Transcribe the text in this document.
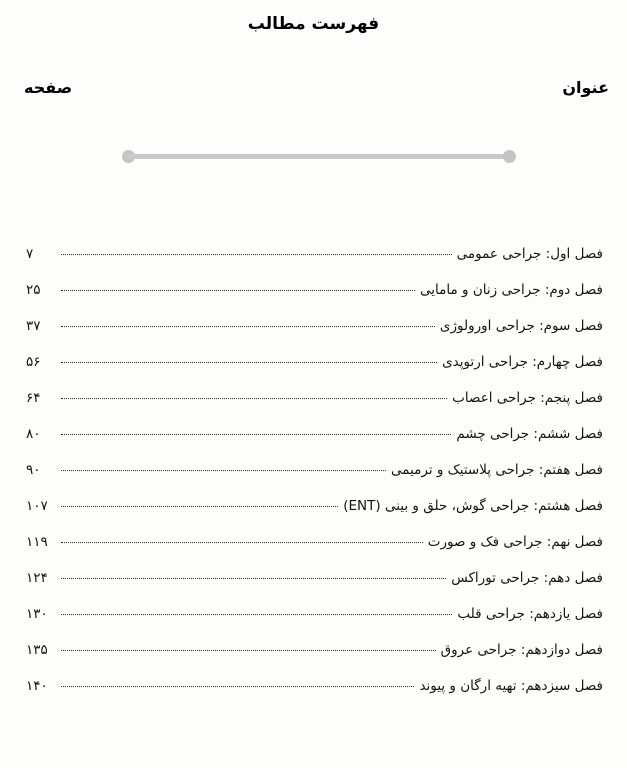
فهرست مطالب
عنوان
صفحه
فصل اول: جراحی عمومی
۷
فصل دوم: جراحی زنان و مامایی
۲۵
فصل سوم: جراحی اورولوژی
۳۷
فصل چهارم: جراحی ارتوپدی
۵۶
فصل پنجم: جراحی اعصاب
۶۴
فصل ششم: جراحی چشم
۸۰
فصل هفتم: جراحی پلاستیک و ترمیمی
۹۰
فصل هشتم: جراحی گوش، حلق و بینی (ENT)
۱۰۷
فصل نهم: جراحی فک و صورت
۱۱۹
فصل دهم: جراحی توراکس
۱۲۴
فصل یازدهم: جراحی قلب
۱۳۰
فصل دوازدهم: جراحی عروق
۱۳۵
فصل سیزدهم: تهیه ارگان و پیوند
۱۴۰
